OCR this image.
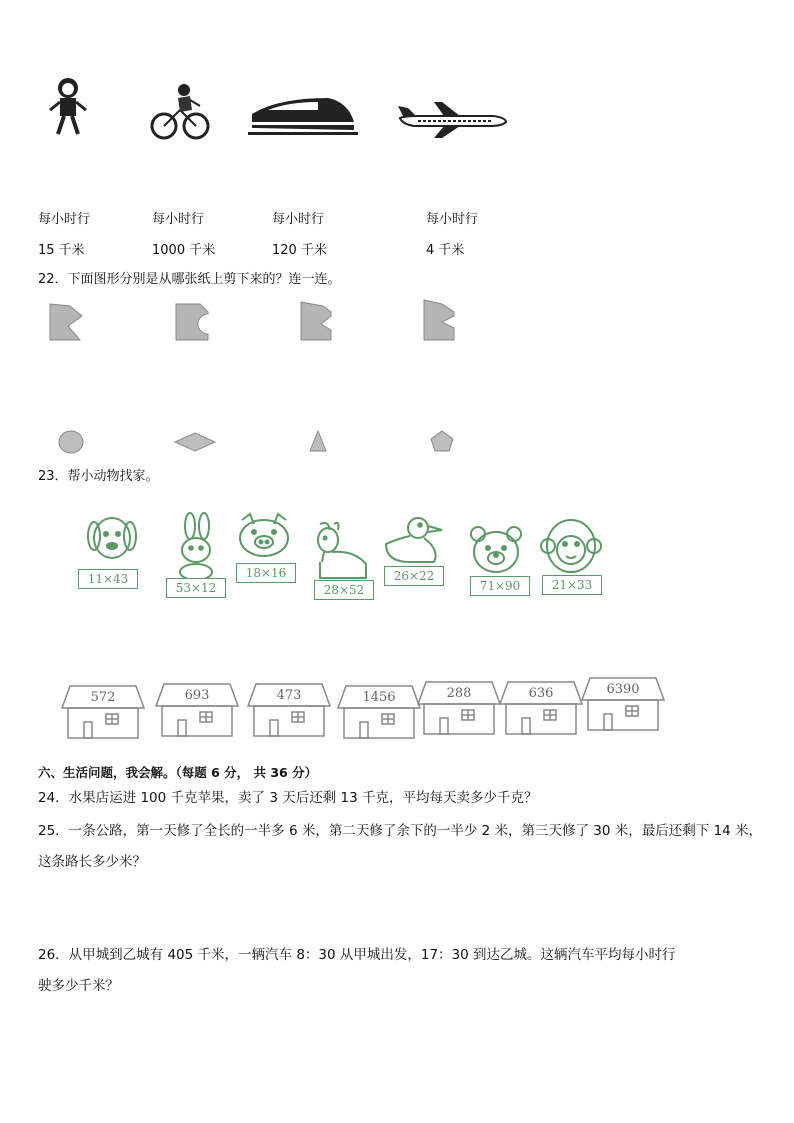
每小时行	每小时行	每小时行	每小时行
15 千米	1000 千米	120 千米	4 千米
22．下面图形分别是从哪张纸上剪下来的？连一连。
23．帮小动物找家。
11×43
53×12
18×16
28×52
26×22
71×90	21×33
572	693	473	1456	288	636	6390
六、生活问题，我会解。（每题 6 分， 共 36 分）
24．水果店运进 100 千克苹果，卖了 3 天后还剩 13 千克，平均每天卖多少千克？
25．一条公路，第一天修了全长的一半多 6 米，第二天修了余下的一半少 2 米，第三天修了 30 米，最后还剩下 14 米，
这条路长多少米？
26．从甲城到乙城有 405 千米，一辆汽车 8：30 从甲城出发，17：30 到达乙城。这辆汽车平均每小时行
驶多少千米？
